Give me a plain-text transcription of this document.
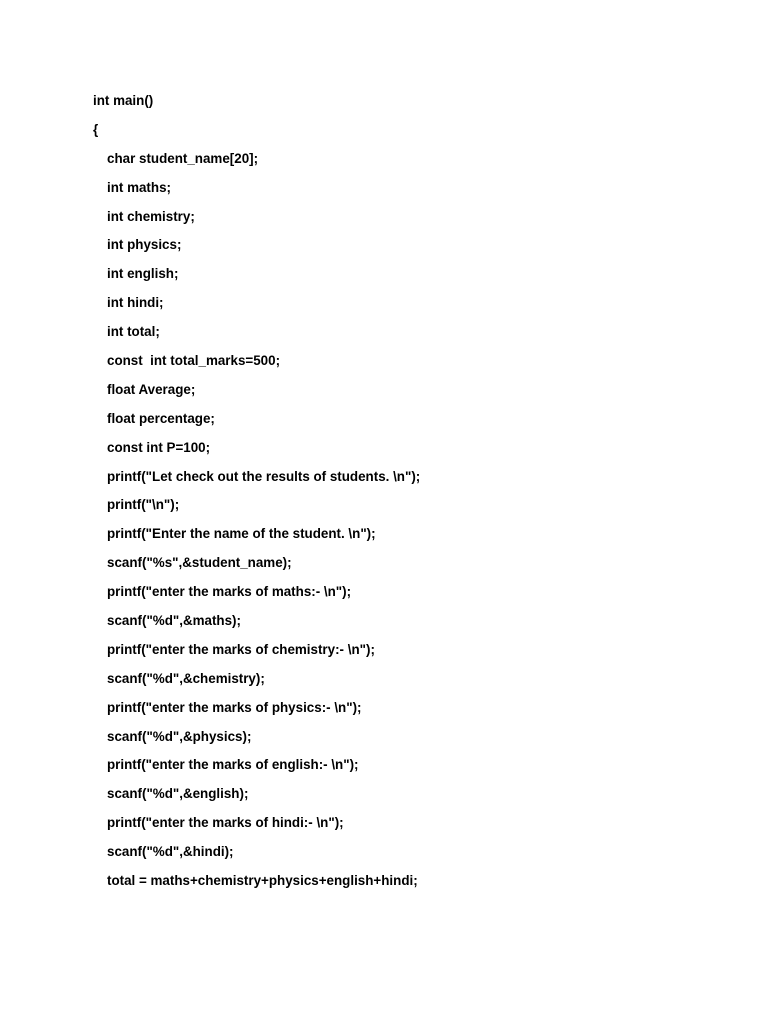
int main()
{
char student_name[20];
int maths;
int chemistry;
int physics;
int english;
int hindi;
int total;
const  int total_marks=500;
float Average;
float percentage;
const int P=100;
printf("Let check out the results of students. \n");
printf("\n");
printf("Enter the name of the student. \n");
scanf("%s",&student_name);
printf("enter the marks of maths:- \n");
scanf("%d",&maths);
printf("enter the marks of chemistry:- \n");
scanf("%d",&chemistry);
printf("enter the marks of physics:- \n");
scanf("%d",&physics);
printf("enter the marks of english:- \n");
scanf("%d",&english);
printf("enter the marks of hindi:- \n");
scanf("%d",&hindi);
total = maths+chemistry+physics+english+hindi;
